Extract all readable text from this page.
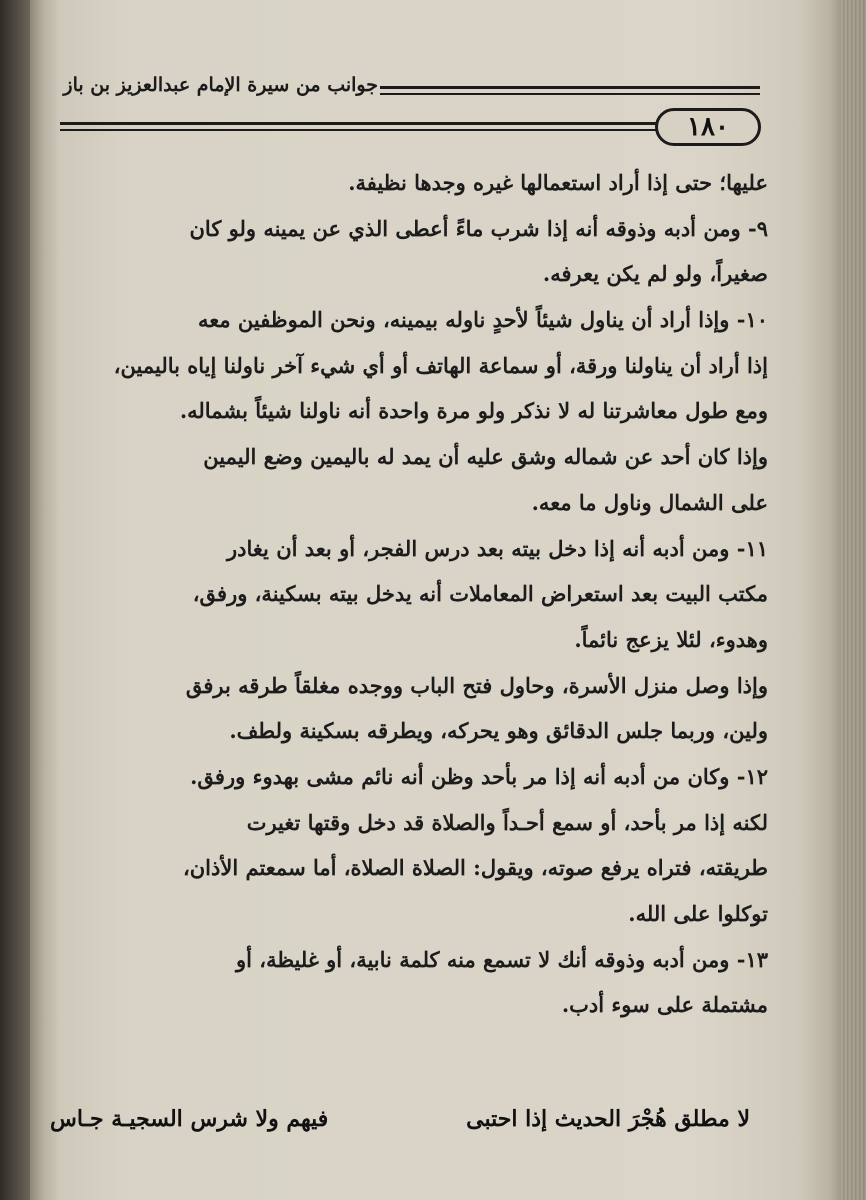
جوانب من سيرة الإمام عبدالعزيز بن باز
١٨٠
عليها؛ حتى إذا أراد استعمالها غيره وجدها نظيفة.
٩- ومن أدبه وذوقه أنه إذا شرب ماءً أعطى الذي عن يمينه ولو كان
صغيراً، ولو لم يكن يعرفه.
١٠- وإذا أراد أن يناول شيئاً لأحدٍ ناوله بيمينه، ونحن الموظفين معه
إذا أراد أن يناولنا ورقة، أو سماعة الهاتف أو أي شيء آخر ناولنا إياه باليمين،
ومع طول معاشرتنا له لا نذكر ولو مرة واحدة أنه ناولنا شيئاً بشماله.
وإذا كان أحد عن شماله وشق عليه أن يمد له باليمين وضع اليمين
على الشمال وناول ما معه.
١١- ومن أدبه أنه إذا دخل بيته بعد درس الفجر، أو بعد أن يغادر
مكتب البيت بعد استعراض المعاملات أنه يدخل بيته بسكينة، ورفق،
وهدوء، لئلا يزعج نائماً.
وإذا وصل منزل الأسرة، وحاول فتح الباب ووجده مغلقاً طرقه برفق
ولين، وربما جلس الدقائق وهو يحركه، ويطرقه بسكينة ولطف.
١٢- وكان من أدبه أنه إذا مر بأحد وظن أنه نائم مشى بهدوء ورفق.
لكنه إذا مر بأحد، أو سمع أحـداً والصلاة قد دخل وقتها تغيرت
طريقته، فتراه يرفع صوته، ويقول: الصلاة الصلاة، أما سمعتم الأذان،
توكلوا على الله.
١٣- ومن أدبه وذوقه أنك لا تسمع منه كلمة نابية، أو غليظة، أو
مشتملة على سوء أدب.
لا مطلق هُجْرَ الحديث إذا احتبى
فيهم ولا شرس السجيـة جـاس
